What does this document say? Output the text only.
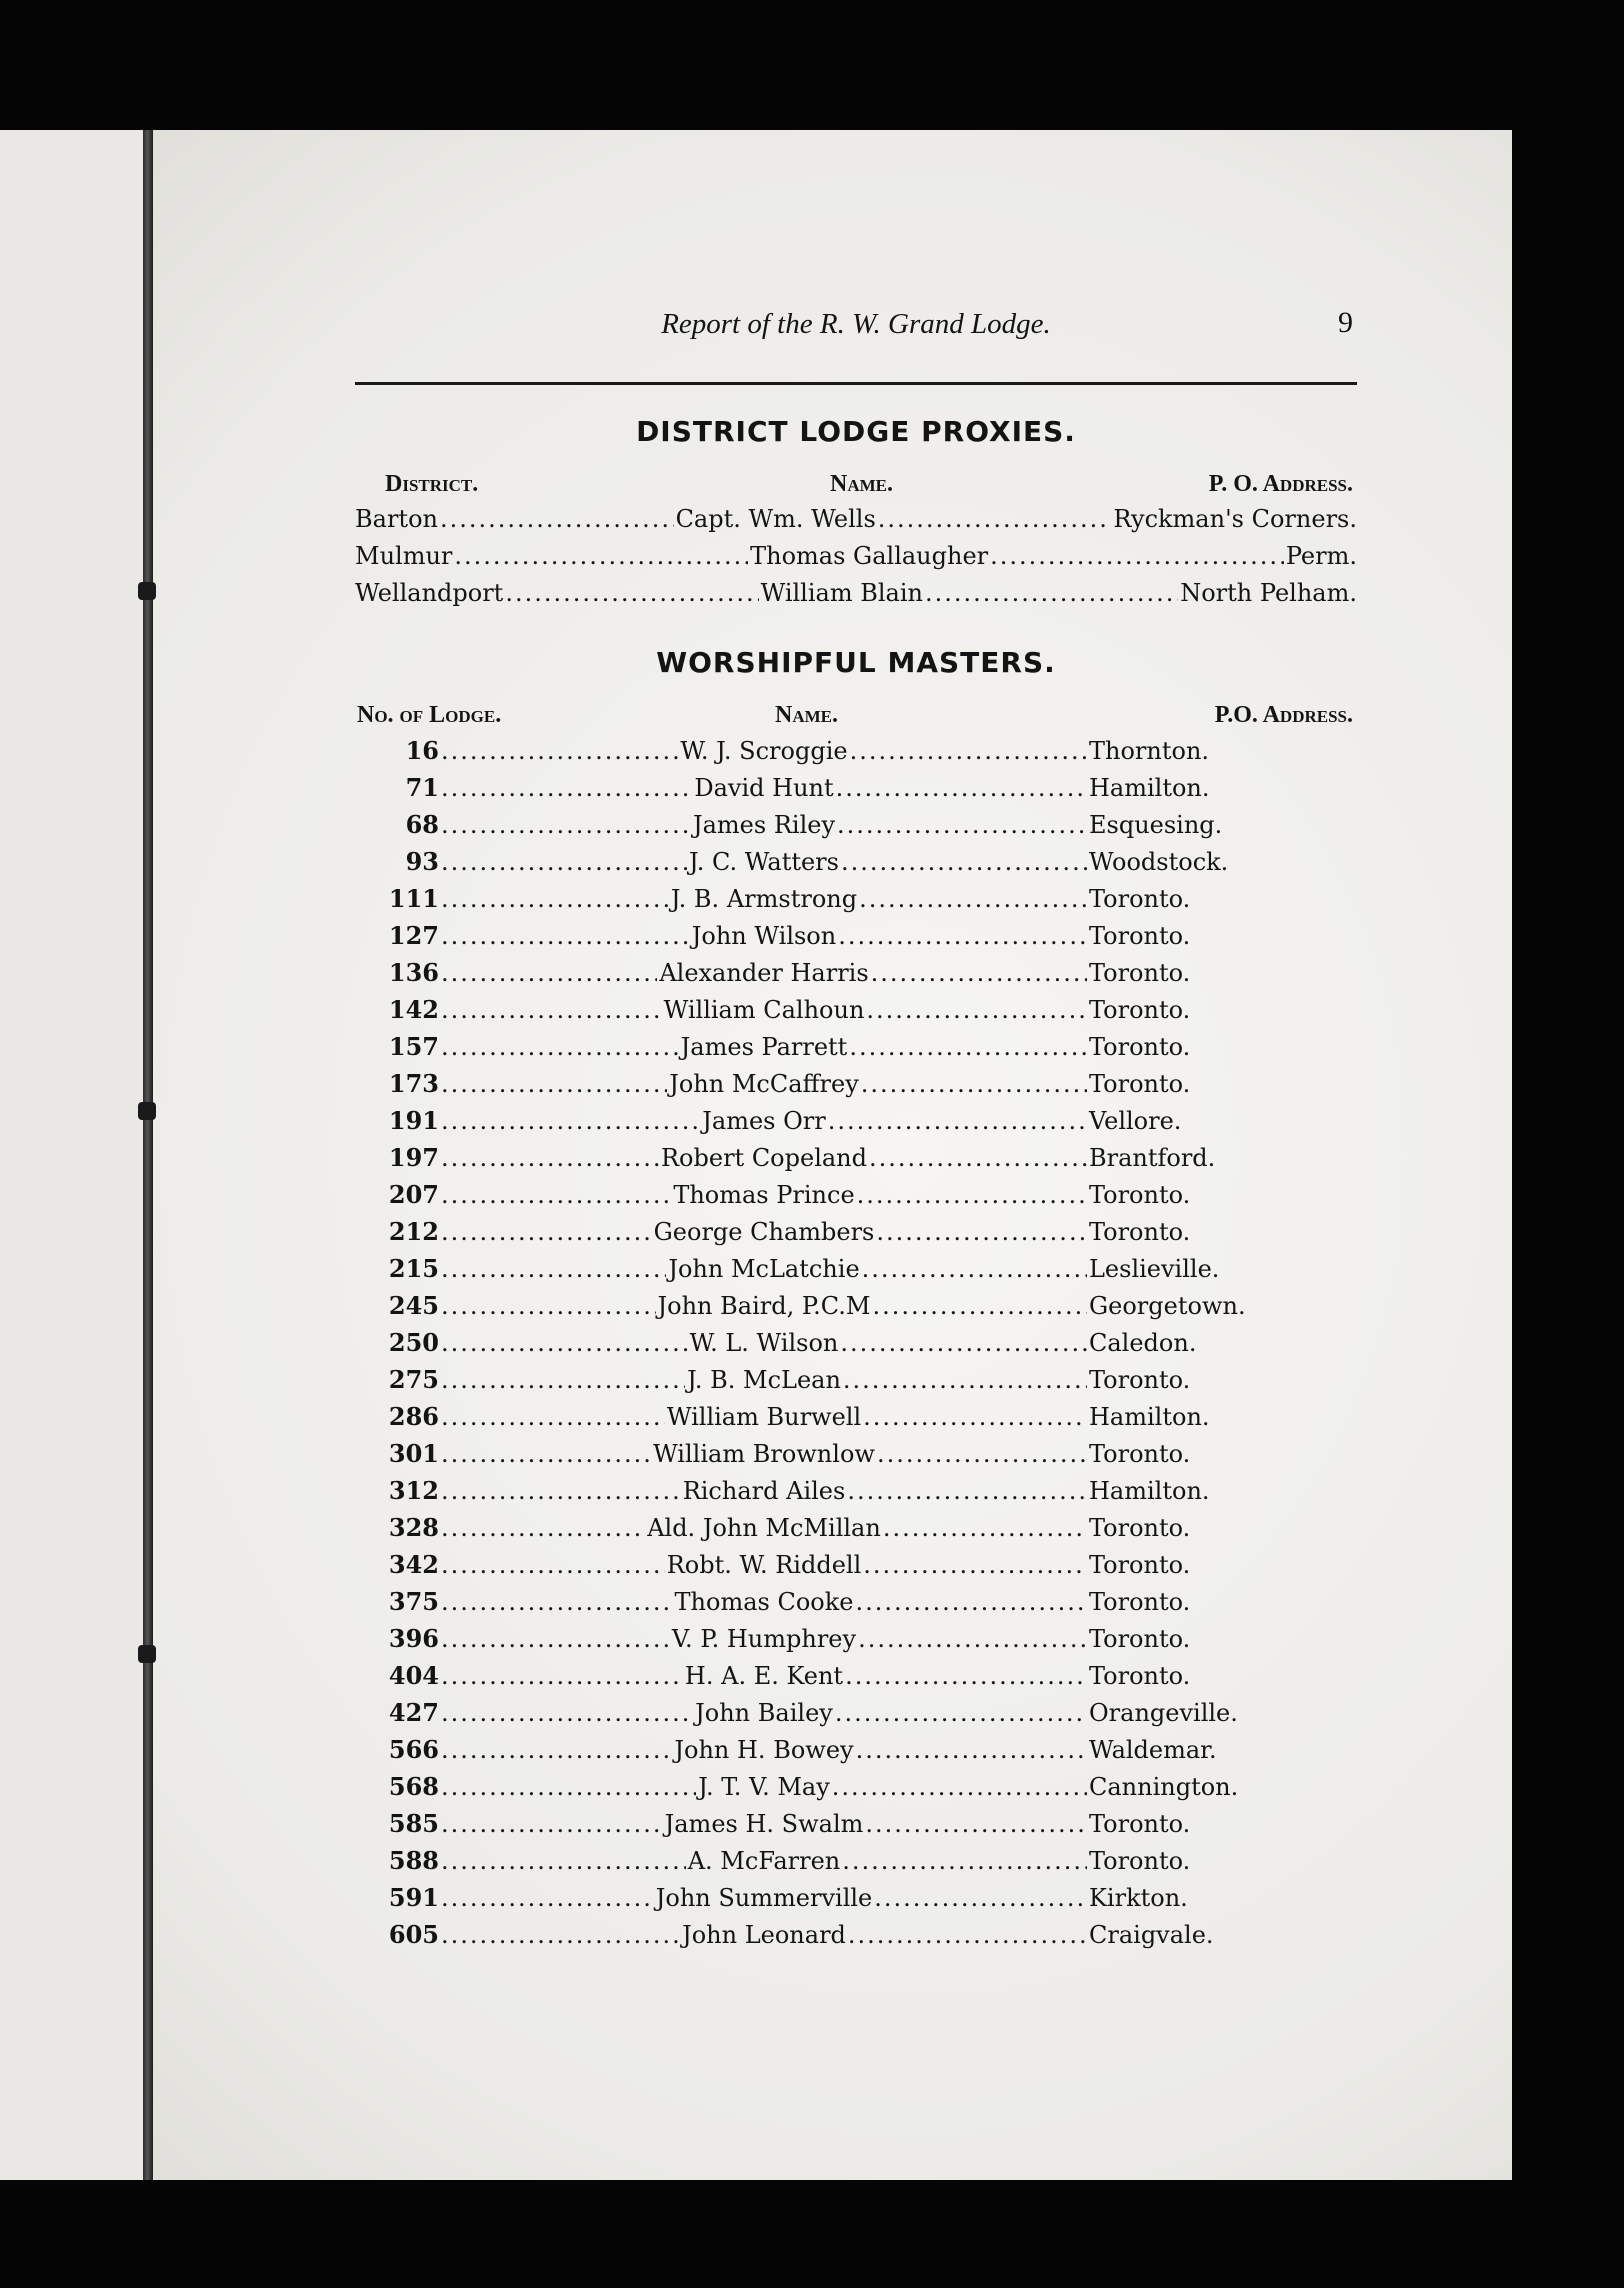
Report of the R. W. Grand Lodge.	9
DISTRICT LODGE PROXIES.
District.	Name.	P. O. Address.
Barton .....	Capt. Wm. Wells .....	Ryckman's Corners.
Mulmur .....	Thomas Gallaugher .....	Perm.
Wellandport .....	William Blain .....	North Pelham.
WORSHIPFUL MASTERS.
No. of Lodge.	Name.	P.O. Address.
16 .....	W. J. Scroggie .....	Thornton.
71 .....	David Hunt .....	Hamilton.
68 .....	James Riley .....	Esquesing.
93 .....	J. C. Watters .....	Woodstock.
111 .....	J. B. Armstrong .....	Toronto.
127 .....	John Wilson .....	Toronto.
136 .....	Alexander Harris .....	Toronto.
142 .....	William Calhoun .....	Toronto.
157 .....	James Parrett .....	Toronto.
173 .....	John McCaffrey .....	Toronto.
191 .....	James Orr .....	Vellore.
197 .....	Robert Copeland .....	Brantford.
207 .....	Thomas Prince .....	Toronto.
212 .....	George Chambers .....	Toronto.
215 .....	John McLatchie .....	Leslieville.
245 .....	John Baird, P.C.M .....	Georgetown.
250 .....	W. L. Wilson .....	Caledon.
275 .....	J. B. McLean .....	Toronto.
286 .....	William Burwell .....	Hamilton.
301 .....	William Brownlow .....	Toronto.
312 .....	Richard Ailes .....	Hamilton.
328 .....	Ald. John McMillan .....	Toronto.
342 .....	Robt. W. Riddell .....	Toronto.
375 .....	Thomas Cooke .....	Toronto.
396 .....	V. P. Humphrey .....	Toronto.
404 .....	H. A. E. Kent .....	Toronto.
427 .....	John Bailey .....	Orangeville.
566 .....	John H. Bowey .....	Waldemar.
568 .....	J. T. V. May .....	Cannington.
585 .....	James H. Swalm .....	Toronto.
588 .....	A. McFarren .....	Toronto.
591 .....	John Summerville .....	Kirkton.
605 .....	John Leonard .....	Craigvale.
